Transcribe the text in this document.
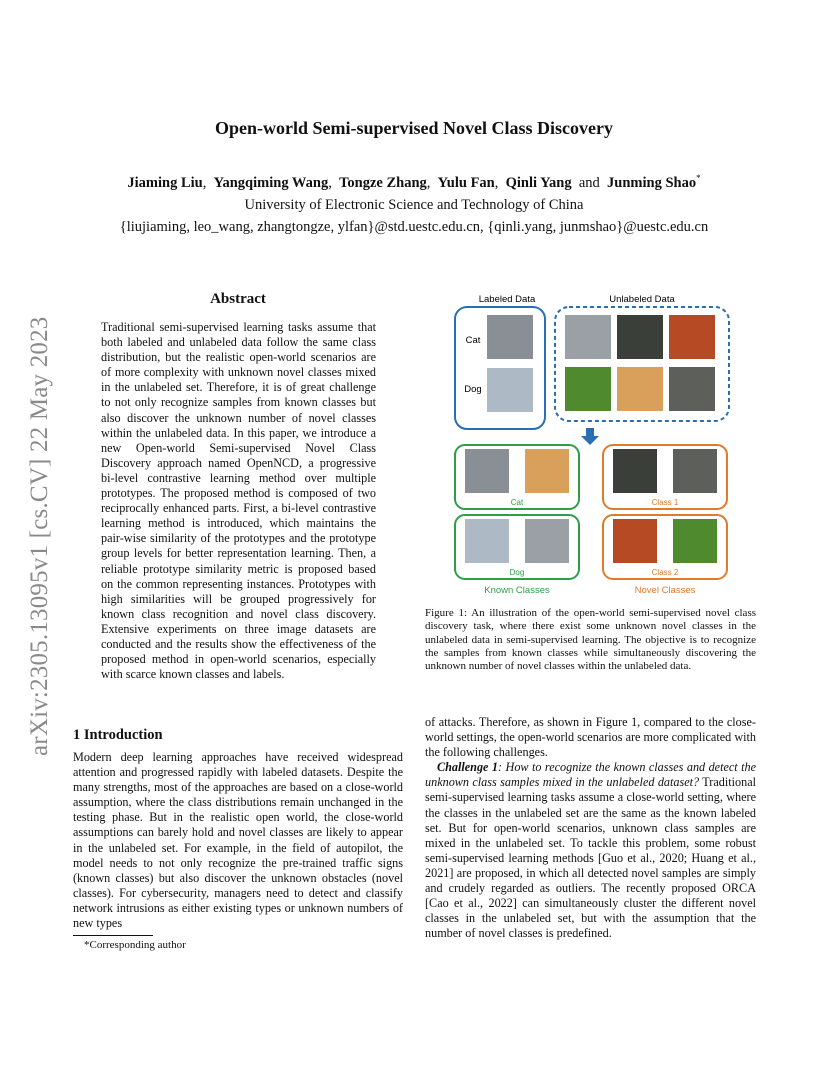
arXiv:2305.13095v1 [cs.CV] 22 May 2023
Open-world Semi-supervised Novel Class Discovery
Jiaming Liu,  Yangqiming Wang,  Tongze Zhang,  Yulu Fan,  Qinli Yang and Junming Shao*
University of Electronic Science and Technology of China
{liujiaming, leo_wang, zhangtongze, ylfan}@std.uestc.edu.cn, {qinli.yang, junmshao}@uestc.edu.cn
Abstract
Traditional semi-supervised learning tasks assume that both labeled and unlabeled data follow the same class distribution, but the realistic open-world scenarios are of more complexity with unknown novel classes mixed in the unlabeled set. Therefore, it is of great challenge to not only recognize samples from known classes but also discover the unknown number of novel classes within the unlabeled data. In this paper, we introduce a new Open-world Semi-supervised Novel Class Discovery approach named OpenNCD, a progressive bi-level contrastive learning method over multiple prototypes. The proposed method is composed of two reciprocally enhanced parts. First, a bi-level contrastive learning method is introduced, which maintains the pair-wise similarity of the prototypes and the prototype group levels for better representation learning. Then, a reliable prototype similarity metric is proposed based on the common representing instances. Prototypes with high similarities will be grouped progressively for known class recognition and novel class discovery. Extensive experiments on three image datasets are conducted and the results show the effectiveness of the proposed method in open-world scenarios, especially with scarce known classes and labels.
1 Introduction
Modern deep learning approaches have received widespread attention and progressed rapidly with labeled datasets. Despite the many strengths, most of the approaches are based on a close-world assumption, where the class distributions remain unchanged in the testing phase. But in the realistic open world, the close-world assumptions can barely hold and novel classes are likely to appear in the unlabeled set. For example, in the field of autopilot, the model needs to not only recognize the pre-trained traffic signs (known classes) but also discover the unknown obstacles (novel classes). For cybersecurity, managers need to detect and classify network intrusions as either existing types or unknown numbers of new types
*Corresponding author
Labeled Data	Unlabeled Data
Cat
Dog
Cat
Dog
Class 1
Class 2
Known Classes	Novel Classes
Figure 1: An illustration of the open-world semi-supervised novel class discovery task, where there exist some unknown novel classes in the unlabeled data in semi-supervised learning. The objective is to recognize the samples from known classes while simultaneously discovering the unknown number of novel classes within the unlabeled data.
of attacks. Therefore, as shown in Figure 1, compared to the close-world settings, the open-world scenarios are more complicated with the following challenges.
Challenge 1: How to recognize the known classes and detect the unknown class samples mixed in the unlabeled dataset? Traditional semi-supervised learning tasks assume a close-world setting, where the classes in the unlabeled set are the same as the known labeled set. But for open-world scenarios, unknown class samples are mixed in the unlabeled set. To tackle this problem, some robust semi-supervised learning methods [Guo et al., 2020; Huang et al., 2021] are proposed, in which all detected novel samples are simply and crudely regarded as outliers. The recently proposed ORCA [Cao et al., 2022] can simultaneously cluster the different novel classes in the unlabeled set, but with the assumption that the number of novel classes is predefined.
